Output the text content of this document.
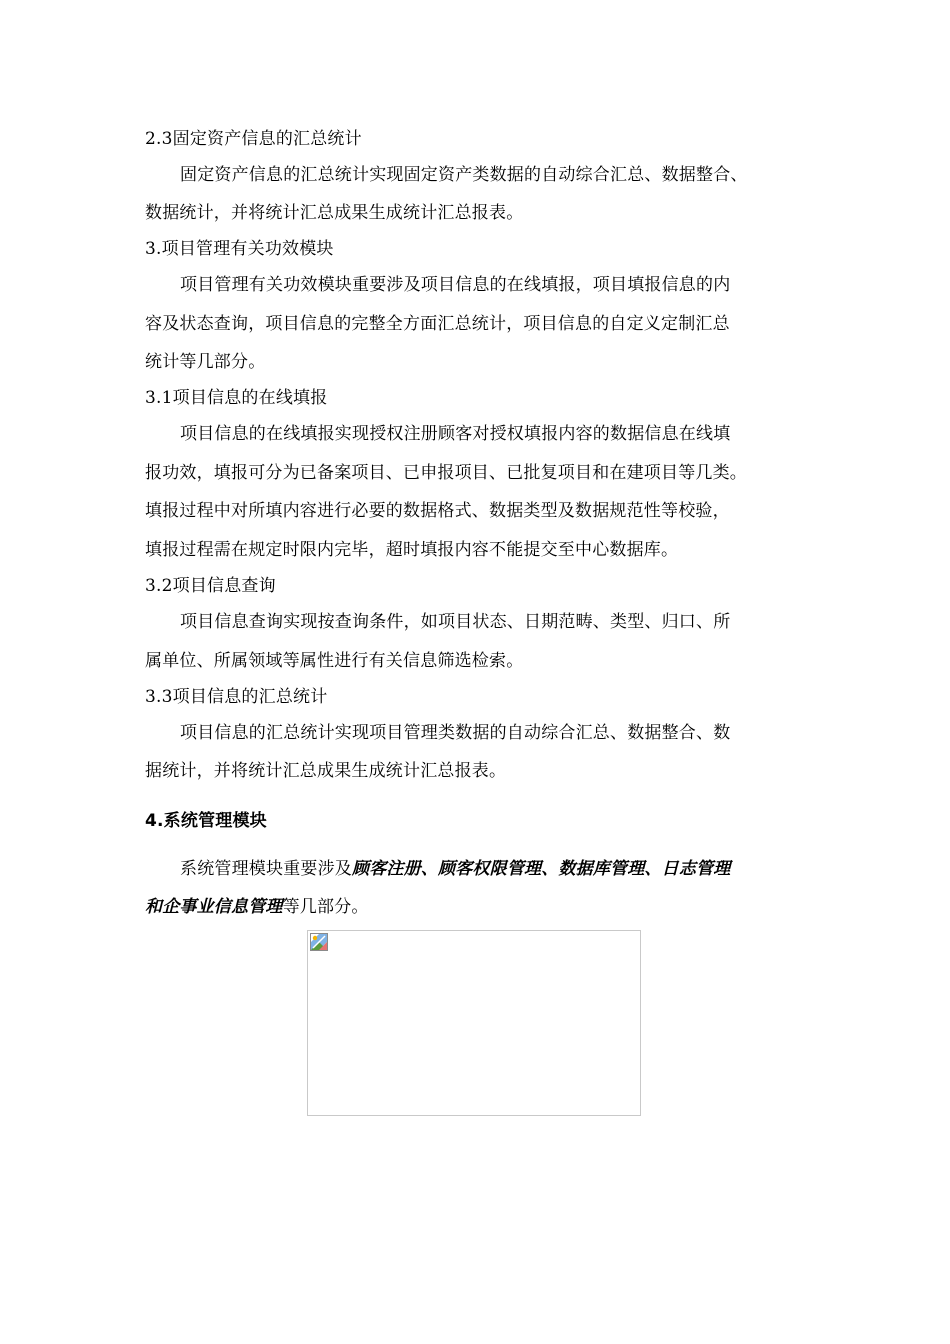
2.3固定资产信息的汇总统计
固定资产信息的汇总统计实现固定资产类数据的自动综合汇总、数据整合、
数据统计，并将统计汇总成果生成统计汇总报表。
3.项目管理有关功效模块
项目管理有关功效模块重要涉及项目信息的在线填报，项目填报信息的内
容及状态查询，项目信息的完整全方面汇总统计，项目信息的自定义定制汇总
统计等几部分。
3.1项目信息的在线填报
项目信息的在线填报实现授权注册顾客对授权填报内容的数据信息在线填
报功效，填报可分为已备案项目、已申报项目、已批复项目和在建项目等几类。
填报过程中对所填内容进行必要的数据格式、数据类型及数据规范性等校验，
填报过程需在规定时限内完毕，超时填报内容不能提交至中心数据库。
3.2项目信息查询
项目信息查询实现按查询条件，如项目状态、日期范畴、类型、归口、所
属单位、所属领域等属性进行有关信息筛选检索。
3.3项目信息的汇总统计
项目信息的汇总统计实现项目管理类数据的自动综合汇总、数据整合、数
据统计，并将统计汇总成果生成统计汇总报表。
4.系统管理模块
系统管理模块重要涉及顾客注册、顾客权限管理、数据库管理、日志管理
和企事业信息管理等几部分。
